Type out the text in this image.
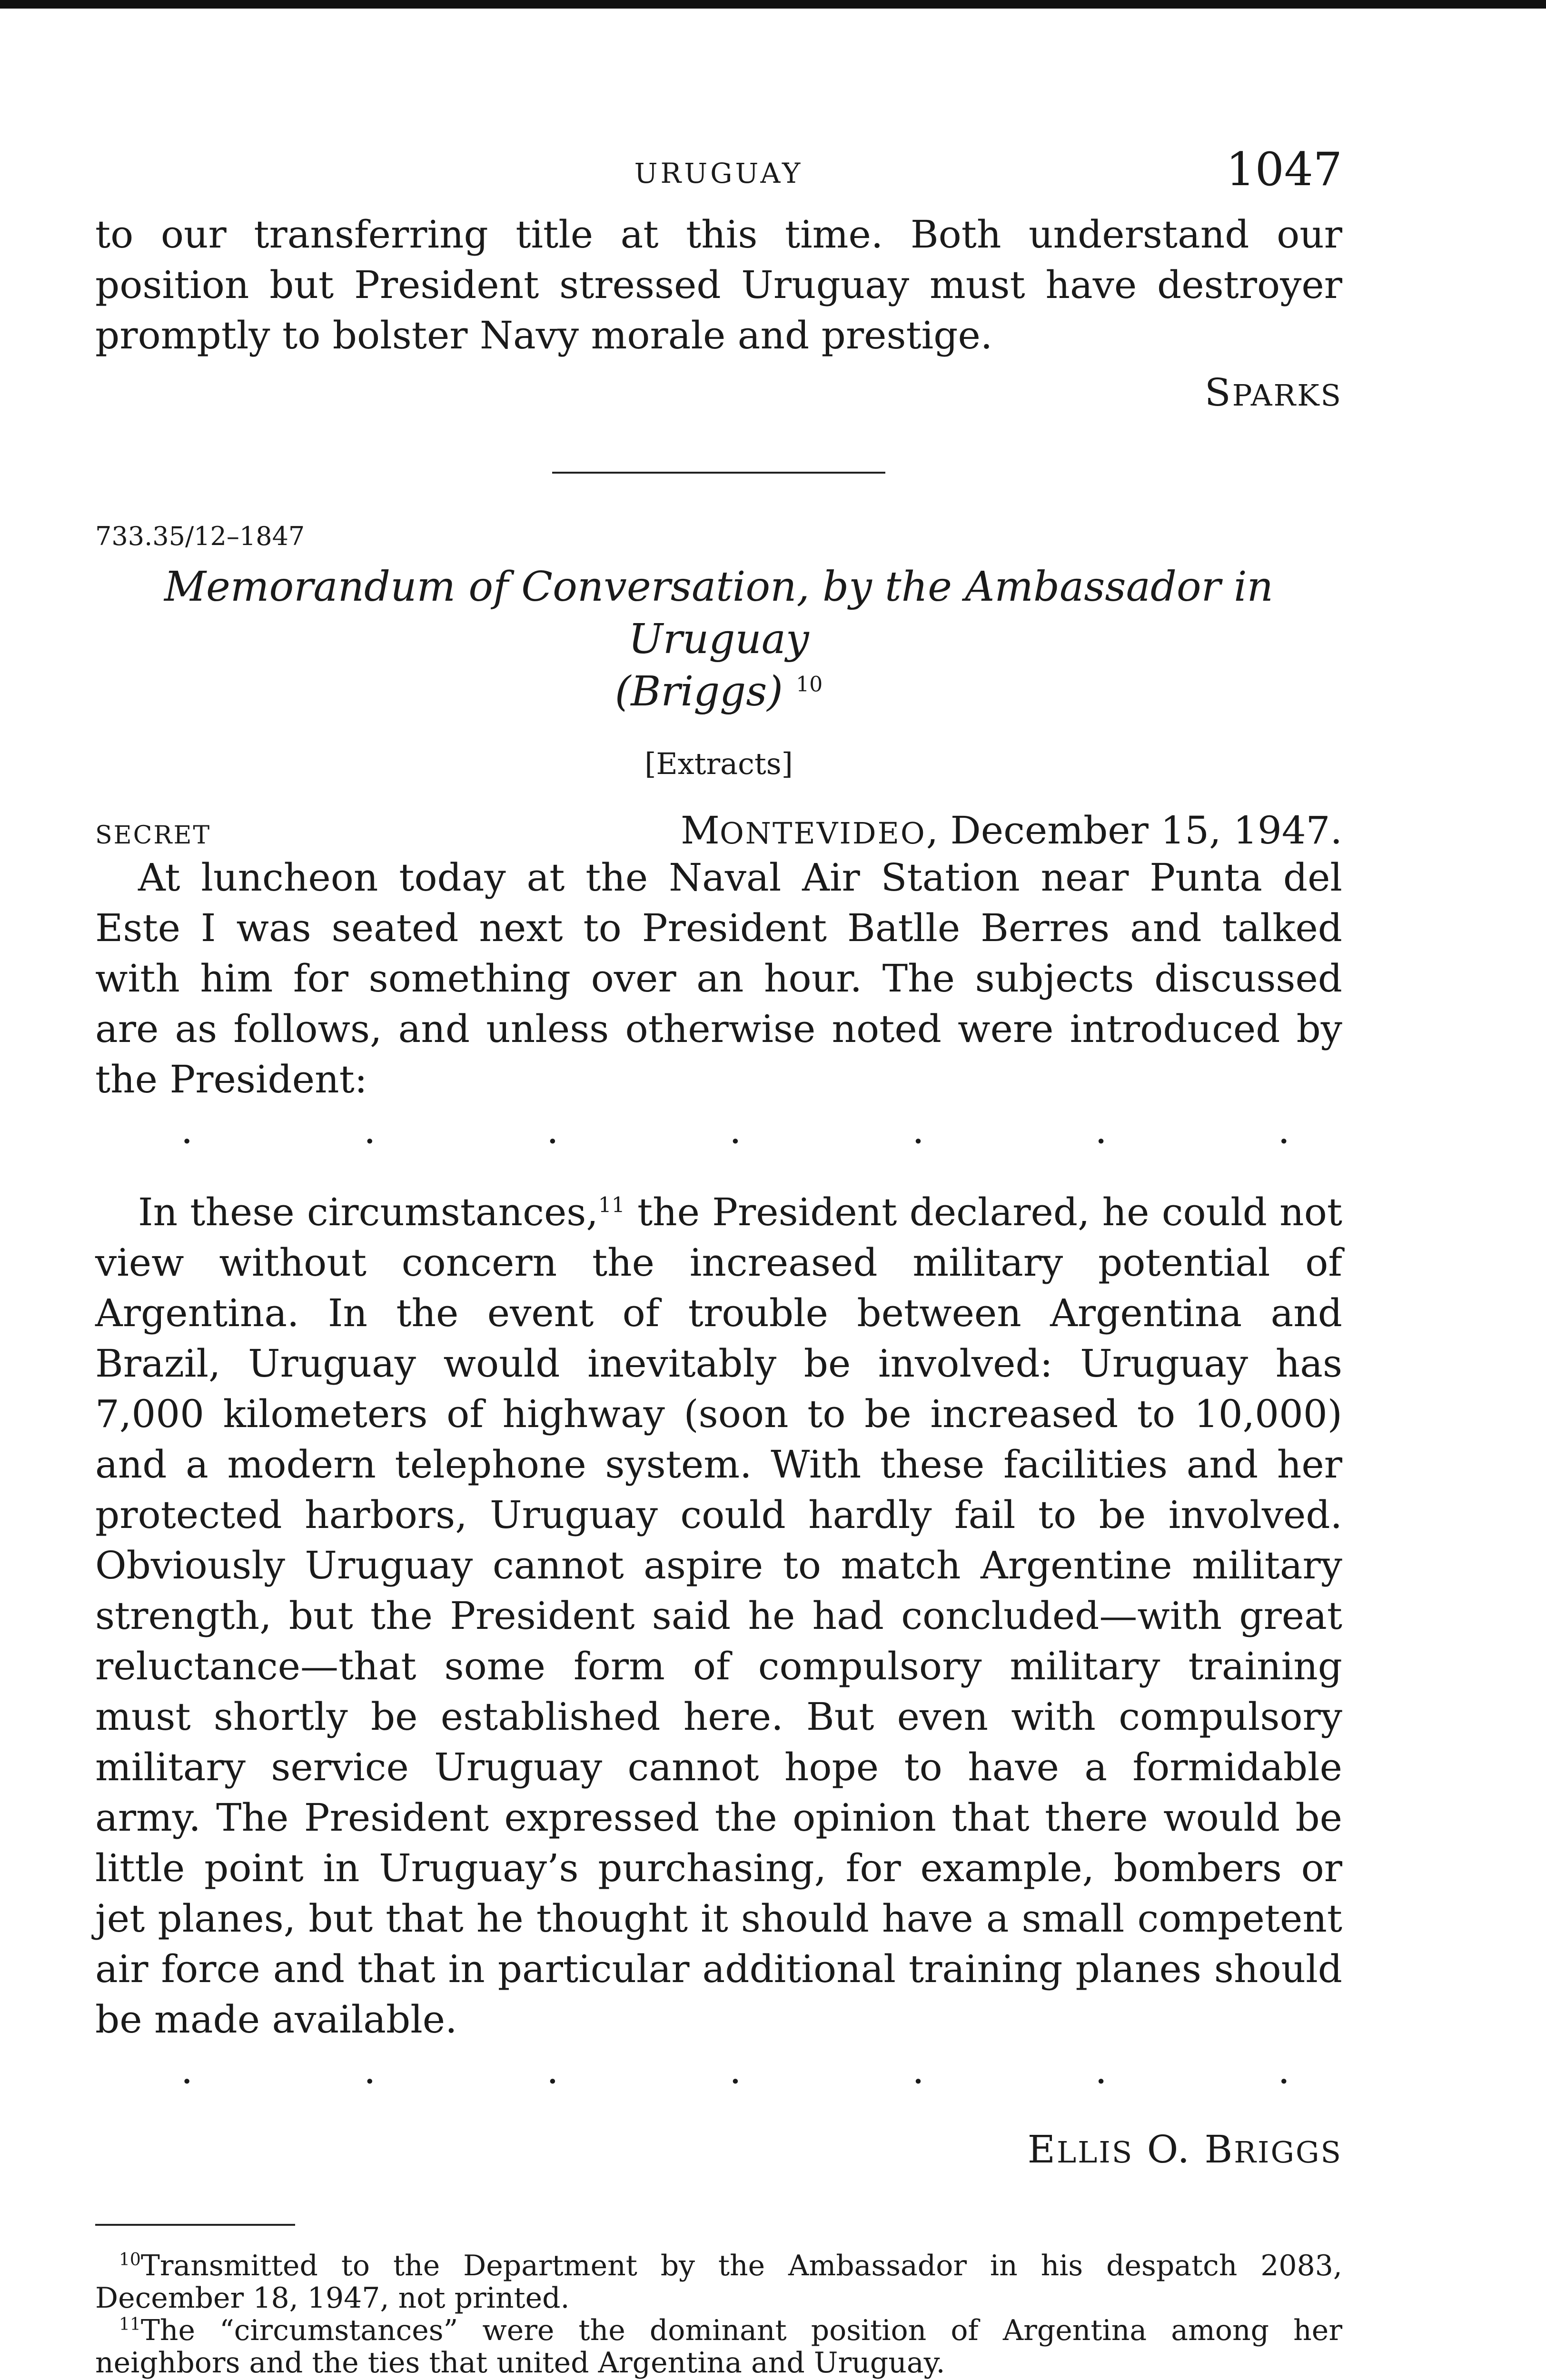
URUGUAY	1047

to our transferring title at this time. Both understand our position but President stressed Uruguay must have destroyer promptly to bolster Navy morale and prestige.

SPARKS
733.35/12–1847
Memorandum of Conversation, by the Ambassador in Uruguay
(Briggs) $^{10}$
[Extracts]
SECRET	MONTEVIDEO, December 15, 1947.

At luncheon today at the Naval Air Station near Punta del Este I was seated next to President Batlle Berres and talked with him for something over an hour. The subjects discussed are as follows, and unless otherwise noted were introduced by the President:

·	·	·	·	·	·	·

In these circumstances,$^{11}$ the President declared, he could not view without concern the increased military potential of Argentina. In the event of trouble between Argentina and Brazil, Uruguay would inevitably be involved: Uruguay has 7,000 kilometers of highway (soon to be increased to 10,000) and a modern telephone system. With these facilities and her protected harbors, Uruguay could hardly fail to be involved. Obviously Uruguay cannot aspire to match Argentine military strength, but the President said he had concluded—with great reluctance—that some form of compulsory military training must shortly be established here. But even with compulsory military service Uruguay cannot hope to have a formidable army. The President expressed the opinion that there would be little point in Uruguay’s purchasing, for example, bombers or jet planes, but that he thought it should have a small competent air force and that in particular additional training planes should be made available.

·	·	·	·	·	·	·
ELLIS O. BRIGGS

$^{10}$Transmitted to the Department by the Ambassador in his despatch 2083, December 18, 1947, not printed.

$^{11}$The “circumstances” were the dominant position of Argentina among her neighbors and the ties that united Argentina and Uruguay.
